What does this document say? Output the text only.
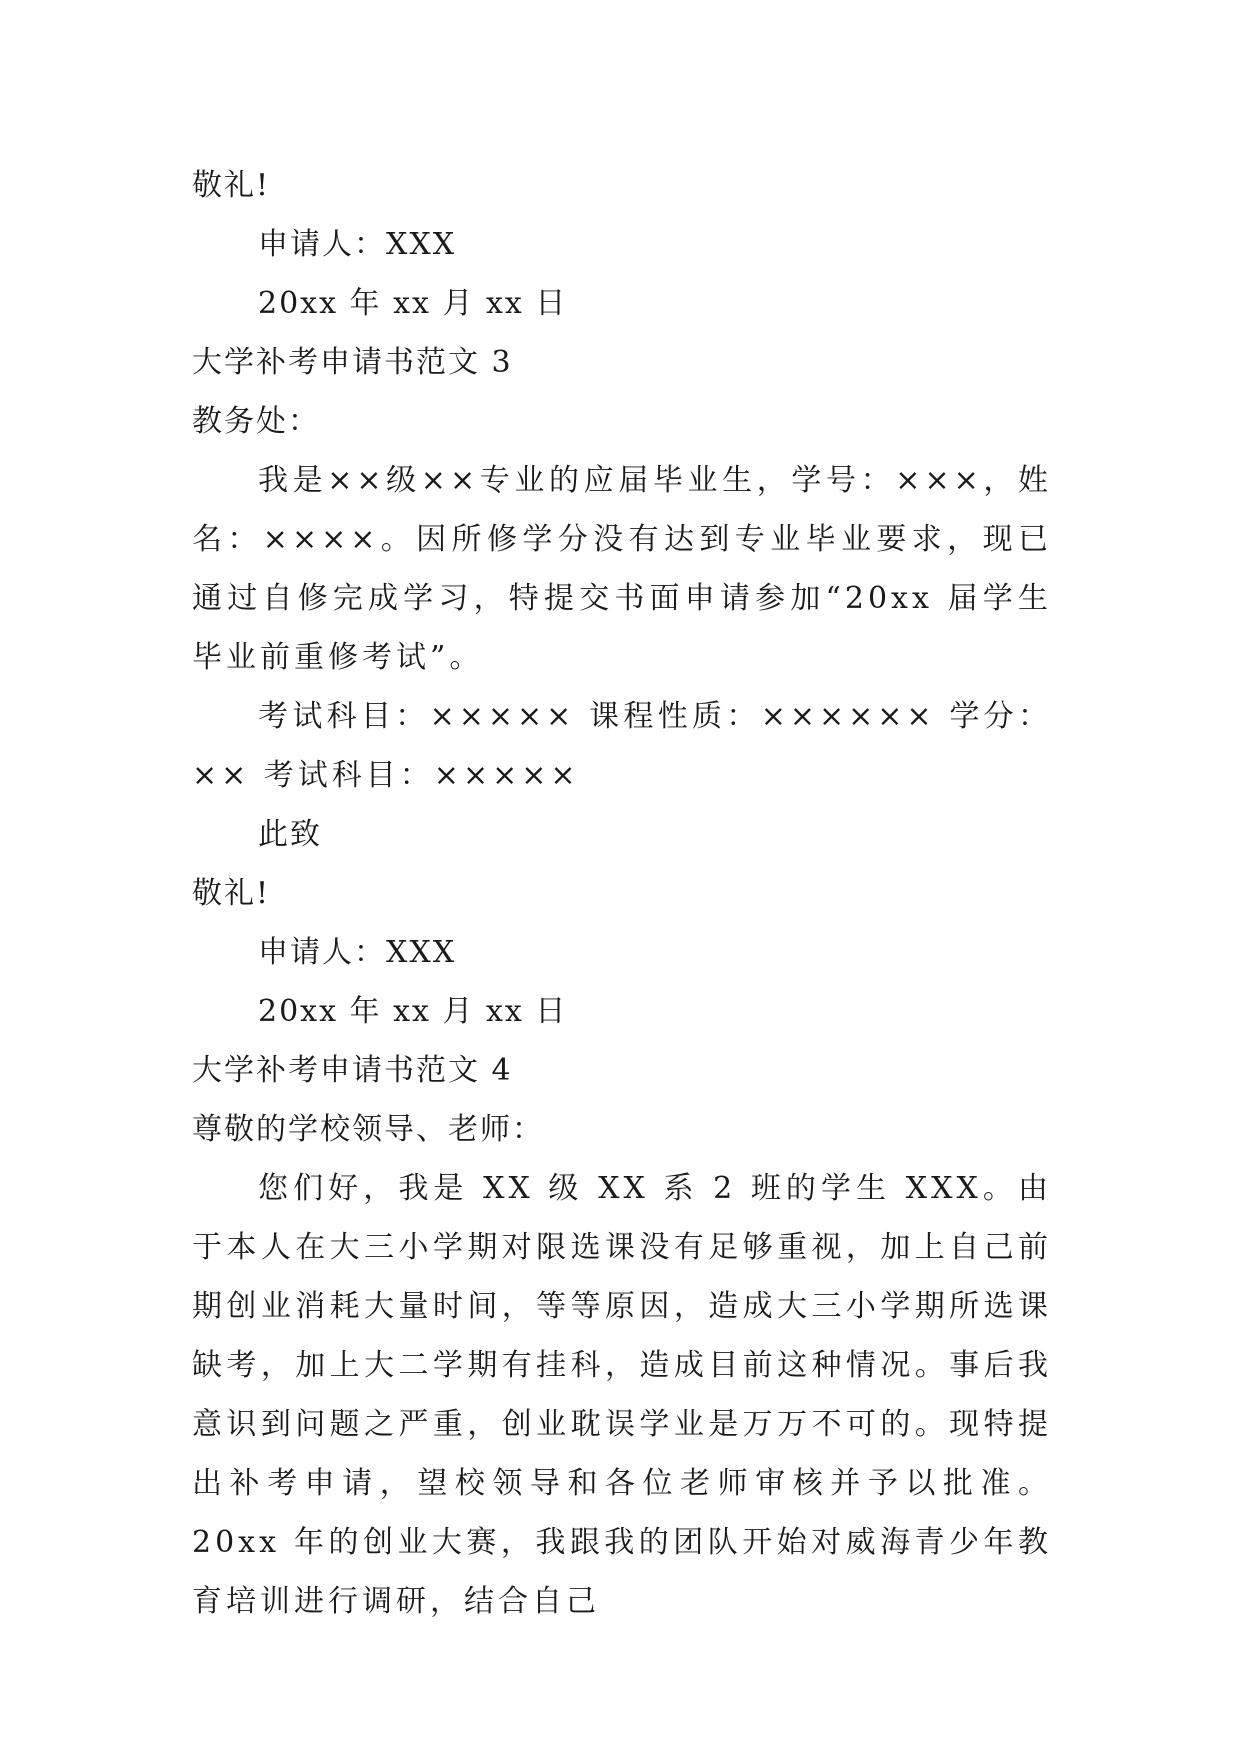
敬礼!
申请人：XXX
20xx 年 xx 月 xx 日
大学补考申请书范文 3
教务处：

我是××级××专业的应届毕业生，学号：×××，姓名：××××。因所修学分没有达到专业毕业要求，现已通过自修完成学习，特提交书面申请参加“20xx 届学生毕业前重修考试”。

考试科目：××××× 课程性质：×××××× 学分：×× 考试科目：×××××

此致
敬礼!
申请人：XXX
20xx 年 xx 月 xx 日
大学补考申请书范文 4
尊敬的学校领导、老师：

您们好，我是 XX 级 XX 系 2 班的学生 XXX。由于本人在大三小学期对限选课没有足够重视，加上自己前期创业消耗大量时间，等等原因，造成大三小学期所选课缺考，加上大二学期有挂科，造成目前这种情况。事后我意识到问题之严重，创业耽误学业是万万不可的。现特提出补考申请，望校领导和各位老师审核并予以批准。 20xx 年的创业大赛，我跟我的团队开始对威海青少年教育培训进行调研，结合自己
